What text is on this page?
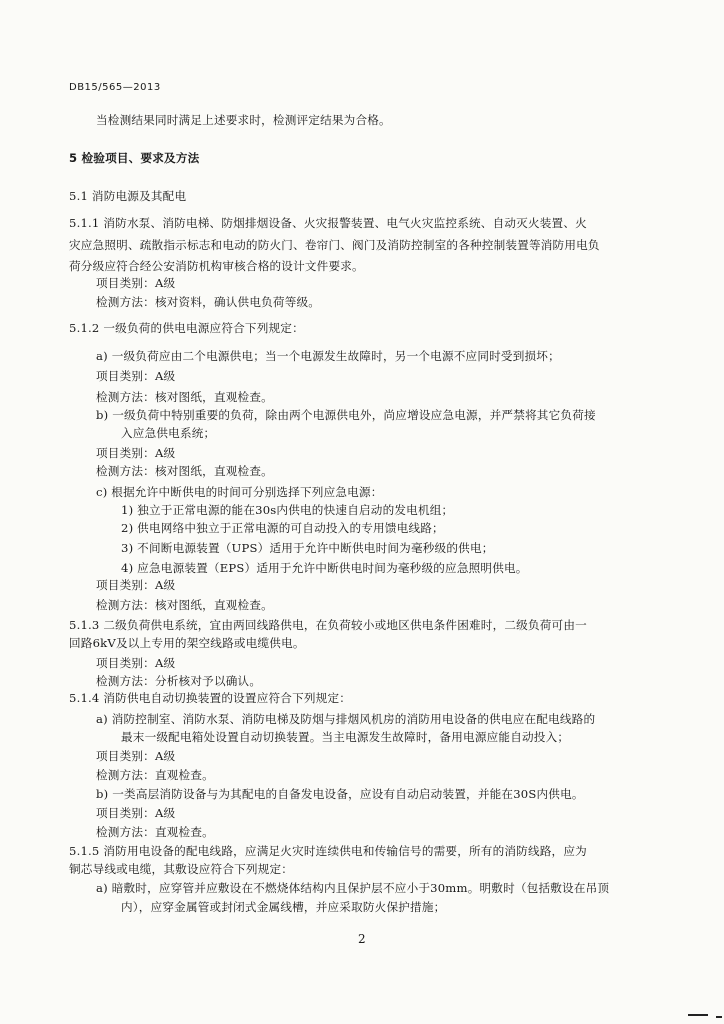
DB15/565—2013
当检测结果同时满足上述要求时，检测评定结果为合格。
5 检验项目、要求及方法
5.1 消防电源及其配电
5.1.1 消防水泵、消防电梯、防烟排烟设备、火灾报警装置、电气火灾监控系统、自动灭火装置、火
灾应急照明、疏散指示标志和电动的防火门、卷帘门、阀门及消防控制室的各种控制装置等消防用电负
荷分级应符合经公安消防机构审核合格的设计文件要求。
项目类别：A级
检测方法：核对资料，确认供电负荷等级。
5.1.2 一级负荷的供电电源应符合下列规定：
a) 一级负荷应由二个电源供电；当一个电源发生故障时，另一个电源不应同时受到损坏；
项目类别：A级
检测方法：核对图纸，直观检查。
b) 一级负荷中特别重要的负荷，除由两个电源供电外，尚应增设应急电源，并严禁将其它负荷接
入应急供电系统；
项目类别：A级
检测方法：核对图纸，直观检查。
c) 根据允许中断供电的时间可分别选择下列应急电源：
1) 独立于正常电源的能在30s内供电的快速自启动的发电机组；
2) 供电网络中独立于正常电源的可自动投入的专用馈电线路；
3) 不间断电源装置（UPS）适用于允许中断供电时间为毫秒级的供电；
4) 应急电源装置（EPS）适用于允许中断供电时间为毫秒级的应急照明供电。
项目类别：A级
检测方法：核对图纸，直观检查。
5.1.3 二级负荷供电系统，宜由两回线路供电，在负荷较小或地区供电条件困难时，二级负荷可由一
回路6kV及以上专用的架空线路或电缆供电。
项目类别：A级
检测方法：分析核对予以确认。
5.1.4 消防供电自动切换装置的设置应符合下列规定：
a) 消防控制室、消防水泵、消防电梯及防烟与排烟风机房的消防用电设备的供电应在配电线路的
最末一级配电箱处设置自动切换装置。当主电源发生故障时，备用电源应能自动投入；
项目类别：A级
检测方法：直观检查。
b) 一类高层消防设备与为其配电的自备发电设备，应设有自动启动装置，并能在30S内供电。
项目类别：A级
检测方法：直观检查。
5.1.5 消防用电设备的配电线路，应满足火灾时连续供电和传输信号的需要，所有的消防线路，应为
铜芯导线或电缆，其敷设应符合下列规定：
a) 暗敷时，应穿管并应敷设在不燃烧体结构内且保护层不应小于30mm。明敷时（包括敷设在吊顶
内），应穿金属管或封闭式金属线槽，并应采取防火保护措施；
2
